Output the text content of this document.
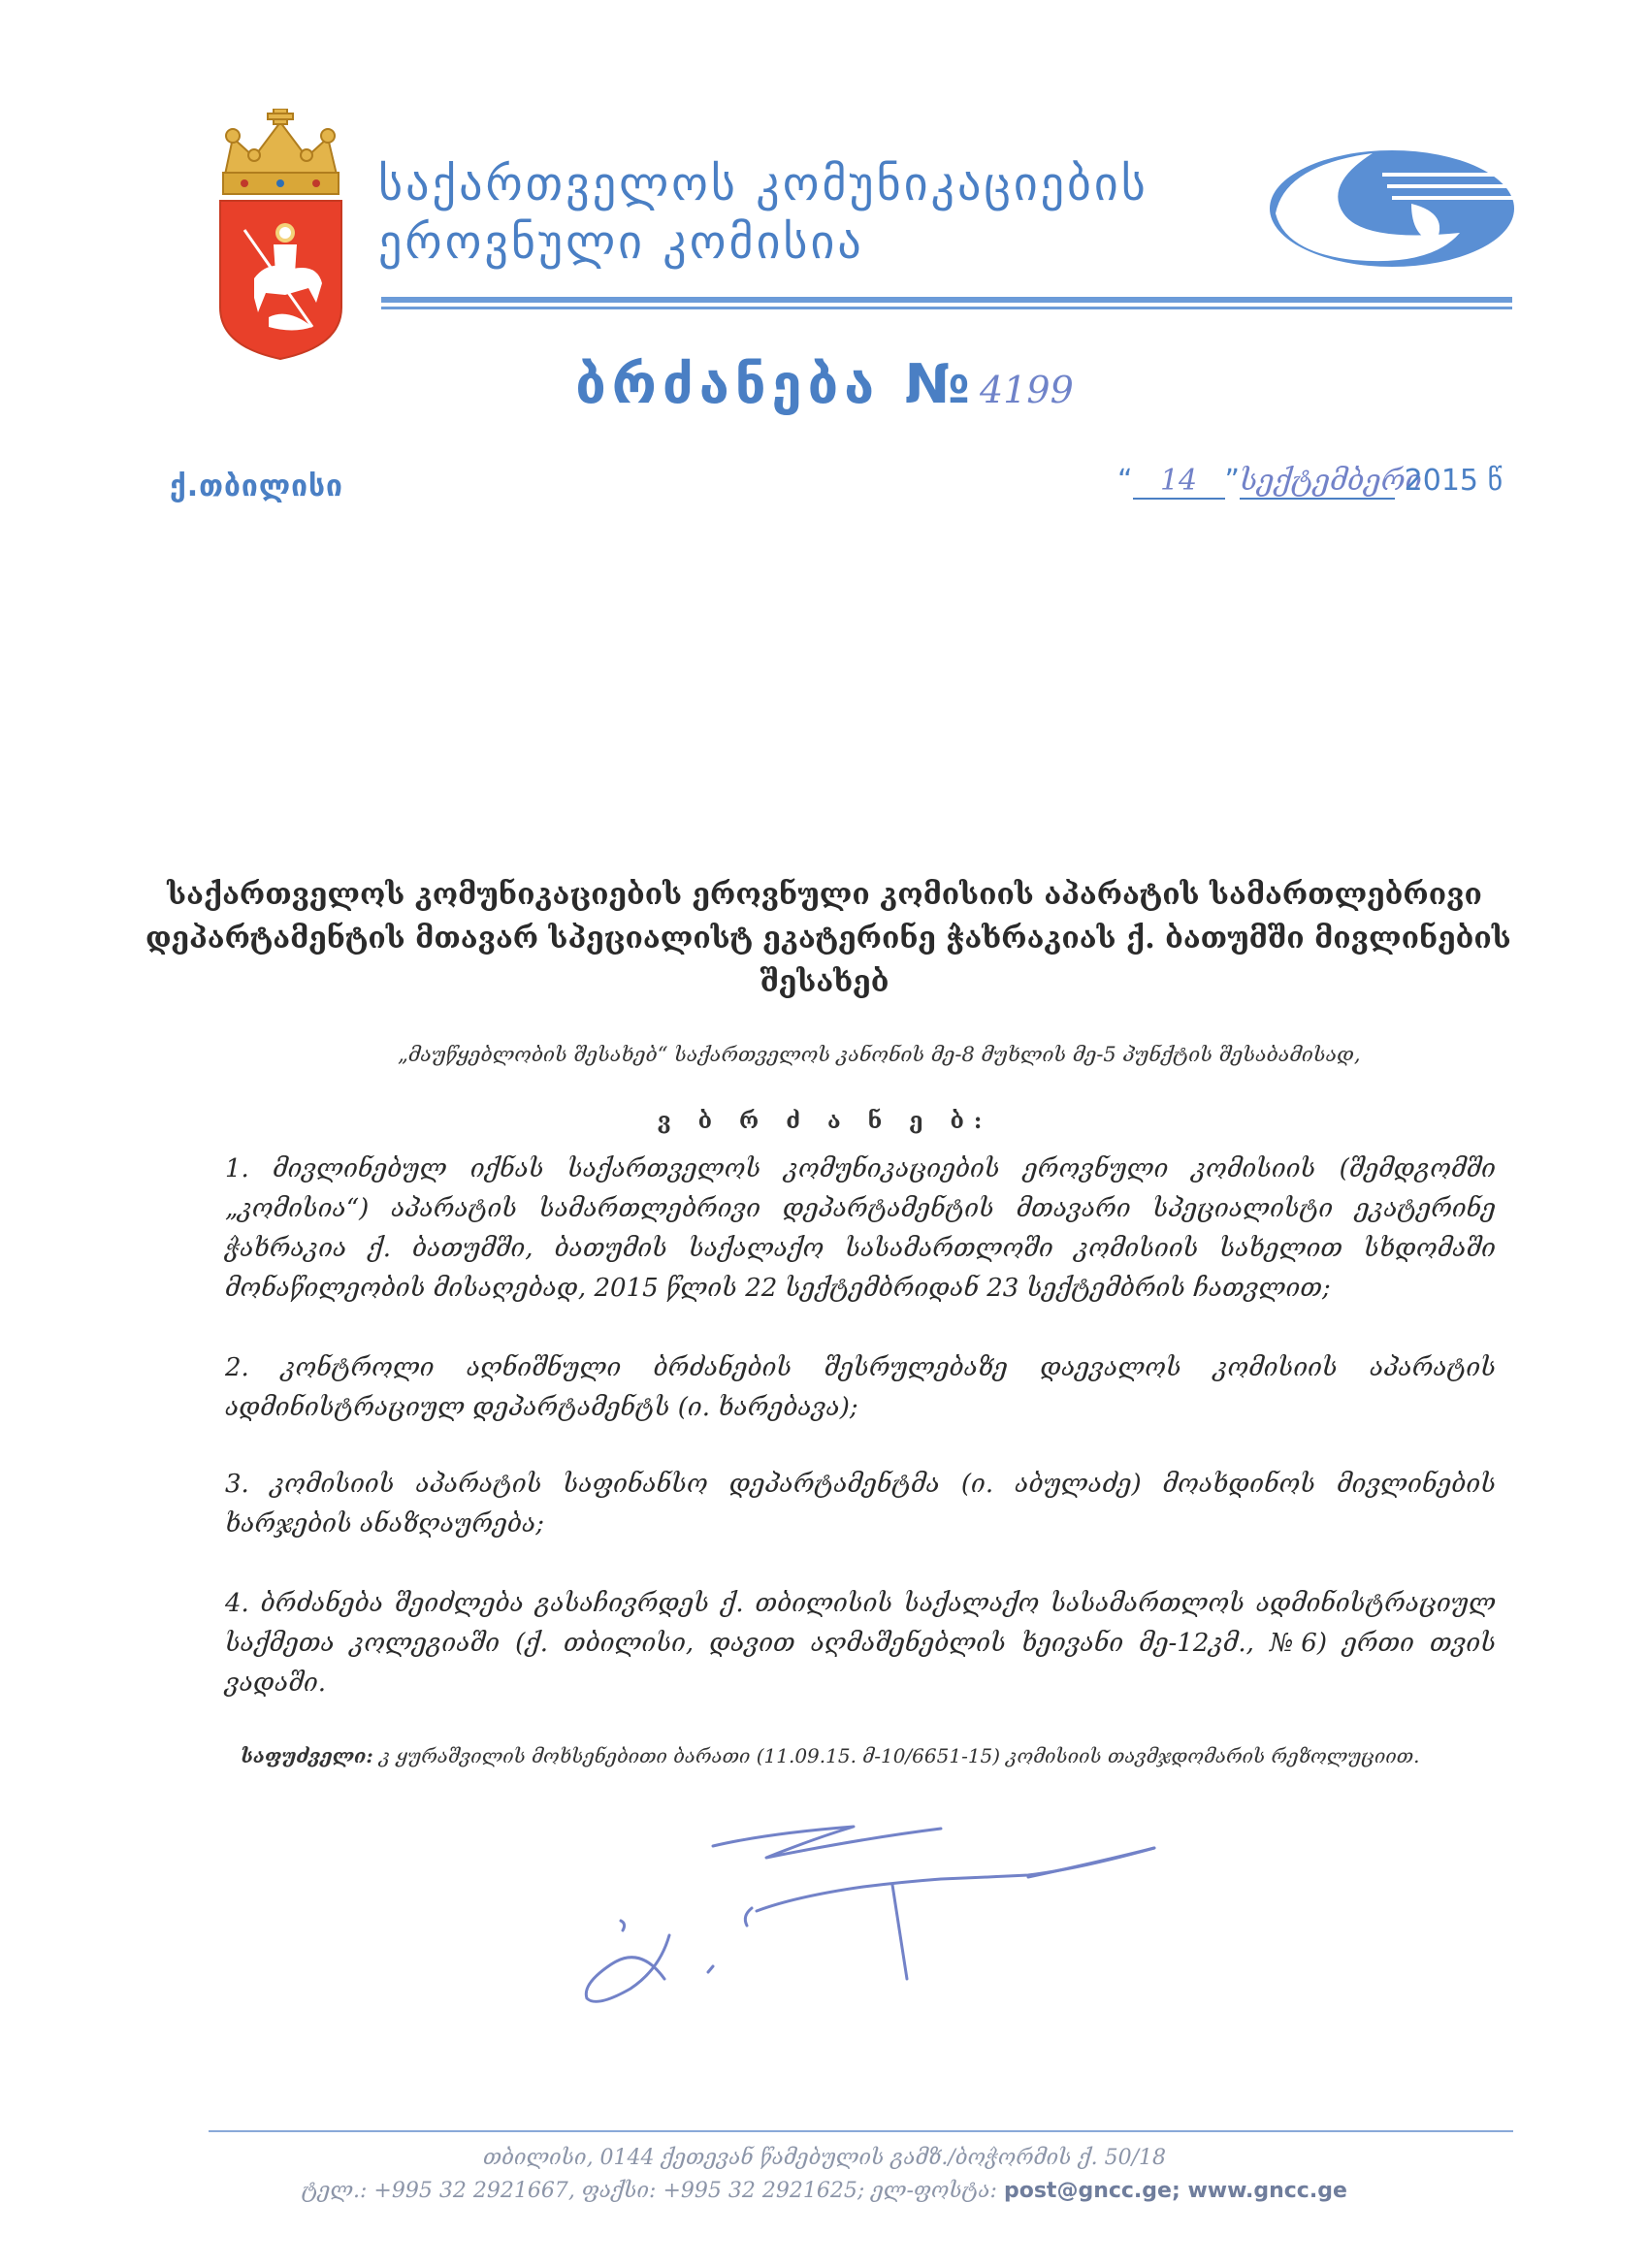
საქართველოს კომუნიკაციების
ეროვნული კომისია
ბრძანება № 4199
ქ.თბილისი	“ 14 ”სექტემბერი 2015 წ
საქართველოს კომუნიკაციების ეროვნული კომისიის აპარატის სამართლებრივი
დეპარტამენტის მთავარ სპეციალისტ ეკატერინე ჭახრაკიას ქ. ბათუმში მივლინების
შესახებ
„მაუწყებლობის შესახებ“ საქართველოს კანონის მე-8 მუხლის მე-5 პუნქტის შესაბამისად,
ვ ბ რ ძ ა ნ ე ბ:
1. მივლინებულ იქნას საქართველოს კომუნიკაციების ეროვნული კომისიის (შემდგომში „კომისია“) აპარატის სამართლებრივი დეპარტამენტის მთავარი სპეციალისტი ეკატერინე ჭახრაკია ქ. ბათუმში, ბათუმის საქალაქო სასამართლოში კომისიის სახელით სხდომაში მონაწილეობის მისაღებად, 2015 წლის 22 სექტემბრიდან 23 სექტემბრის ჩათვლით;
2. კონტროლი აღნიშნული ბრძანების შესრულებაზე დაევალოს კომისიის აპარატის ადმინისტრაციულ დეპარტამენტს (ი. ხარებავა);
3. კომისიის აპარატის საფინანსო დეპარტამენტმა (ი. აბულაძე) მოახდინოს მივლინების ხარჯების ანაზღაურება;
4. ბრძანება შეიძლება გასაჩივრდეს ქ. თბილისის საქალაქო სასამართლოს ადმინისტრაციულ საქმეთა კოლეგიაში (ქ. თბილისი, დავით აღმაშენებლის ხეივანი მე-12კმ., №6) ერთი თვის ვადაში.
საფუძველი: კ ყურაშვილის მოხსენებითი ბარათი (11.09.15. მ-10/6651-15) კომისიის თავმჯდომარის რეზოლუციით.
თბილისი, 0144 ქეთევან წამებულის გამზ./ბოჭორმის ქ. 50/18
ტელ.: +995 32 2921667, ფაქსი: +995 32 2921625; ელ-ფოსტა: post@gncc.ge; www.gncc.ge
